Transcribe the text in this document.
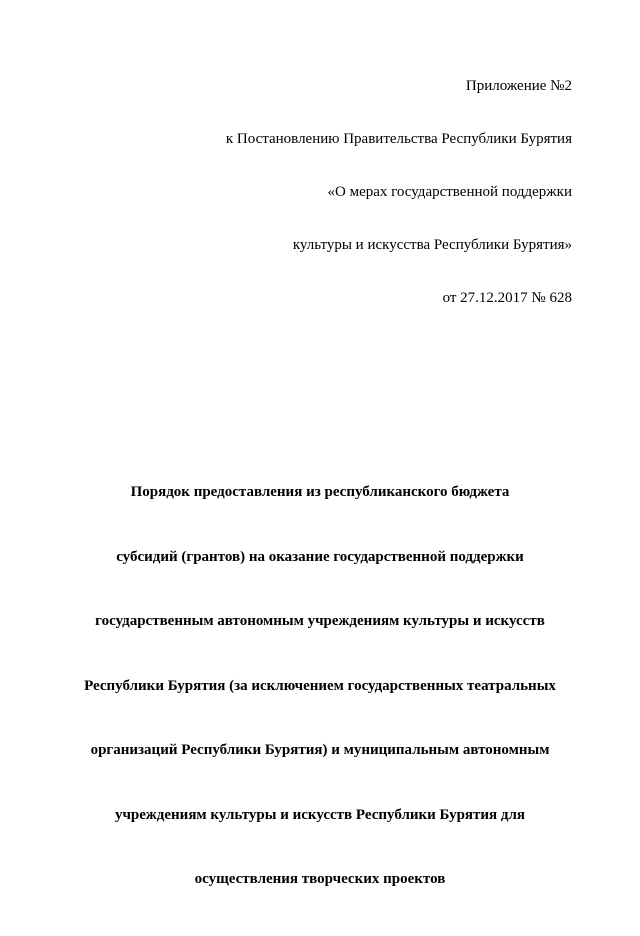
Приложение №2
к Постановлению Правительства Республики Бурятия
«О мерах государственной поддержки
культуры и искусства Республики Бурятия»
от 27.12.2017 № 628
Порядок предоставления из республиканского бюджета
субсидий (грантов) на оказание государственной поддержки
государственным автономным учреждениям культуры и искусств
Республики Бурятия (за исключением государственных театральных
организаций Республики Бурятия) и муниципальным автономным
учреждениям культуры и искусств Республики Бурятия для
осуществления творческих проектов
